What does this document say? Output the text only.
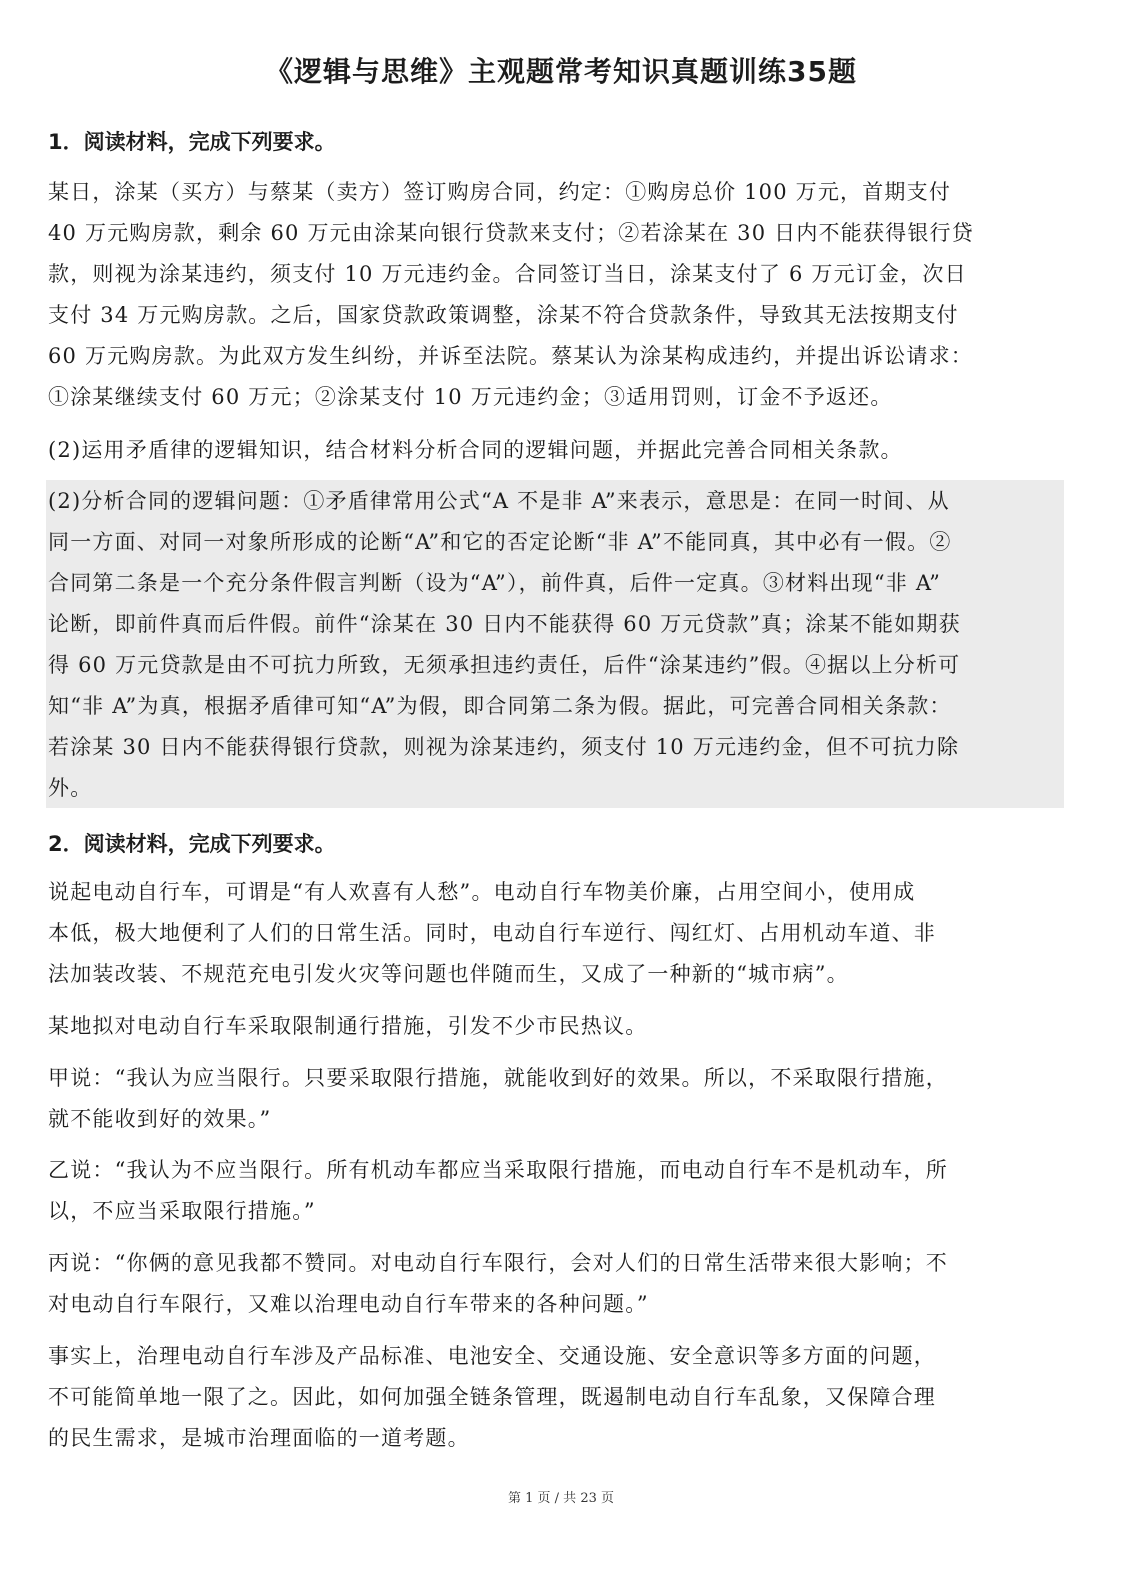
《逻辑与思维》主观题常考知识真题训练35题
1．阅读材料，完成下列要求。
某日，涂某（买方）与蔡某（卖方）签订购房合同，约定：①购房总价 100 万元，首期支付
40 万元购房款，剩余 60 万元由涂某向银行贷款来支付；②若涂某在 30 日内不能获得银行贷
款，则视为涂某违约，须支付 10 万元违约金。合同签订当日，涂某支付了 6 万元订金，次日
支付 34 万元购房款。之后，国家贷款政策调整，涂某不符合贷款条件，导致其无法按期支付
60 万元购房款。为此双方发生纠纷，并诉至法院。蔡某认为涂某构成违约，并提出诉讼请求：
①涂某继续支付 60 万元；②涂某支付 10 万元违约金；③适用罚则，订金不予返还。
(2)运用矛盾律的逻辑知识，结合材料分析合同的逻辑问题，并据此完善合同相关条款。
(2)分析合同的逻辑问题：①矛盾律常用公式“A 不是非 A”来表示，意思是：在同一时间、从
同一方面、对同一对象所形成的论断“A”和它的否定论断“非 A”不能同真，其中必有一假。②
合同第二条是一个充分条件假言判断（设为“A”），前件真，后件一定真。③材料出现“非 A”
论断，即前件真而后件假。前件“涂某在 30 日内不能获得 60 万元贷款”真；涂某不能如期获
得 60 万元贷款是由不可抗力所致，无须承担违约责任，后件“涂某违约”假。④据以上分析可
知“非 A”为真，根据矛盾律可知“A”为假，即合同第二条为假。据此，可完善合同相关条款：
若涂某 30 日内不能获得银行贷款，则视为涂某违约，须支付 10 万元违约金，但不可抗力除
外。
2．阅读材料，完成下列要求。
说起电动自行车，可谓是“有人欢喜有人愁”。电动自行车物美价廉，占用空间小，使用成
本低，极大地便利了人们的日常生活。同时，电动自行车逆行、闯红灯、占用机动车道、非
法加装改装、不规范充电引发火灾等问题也伴随而生，又成了一种新的“城市病”。
某地拟对电动自行车采取限制通行措施，引发不少市民热议。
甲说：“我认为应当限行。只要采取限行措施，就能收到好的效果。所以，不采取限行措施，
就不能收到好的效果。”
乙说：“我认为不应当限行。所有机动车都应当采取限行措施，而电动自行车不是机动车，所
以，不应当采取限行措施。”
丙说：“你俩的意见我都不赞同。对电动自行车限行，会对人们的日常生活带来很大影响；不
对电动自行车限行，又难以治理电动自行车带来的各种问题。”
事实上，治理电动自行车涉及产品标准、电池安全、交通设施、安全意识等多方面的问题，
不可能简单地一限了之。因此，如何加强全链条管理，既遏制电动自行车乱象，又保障合理
的民生需求，是城市治理面临的一道考题。
第 1 页 / 共 23 页
